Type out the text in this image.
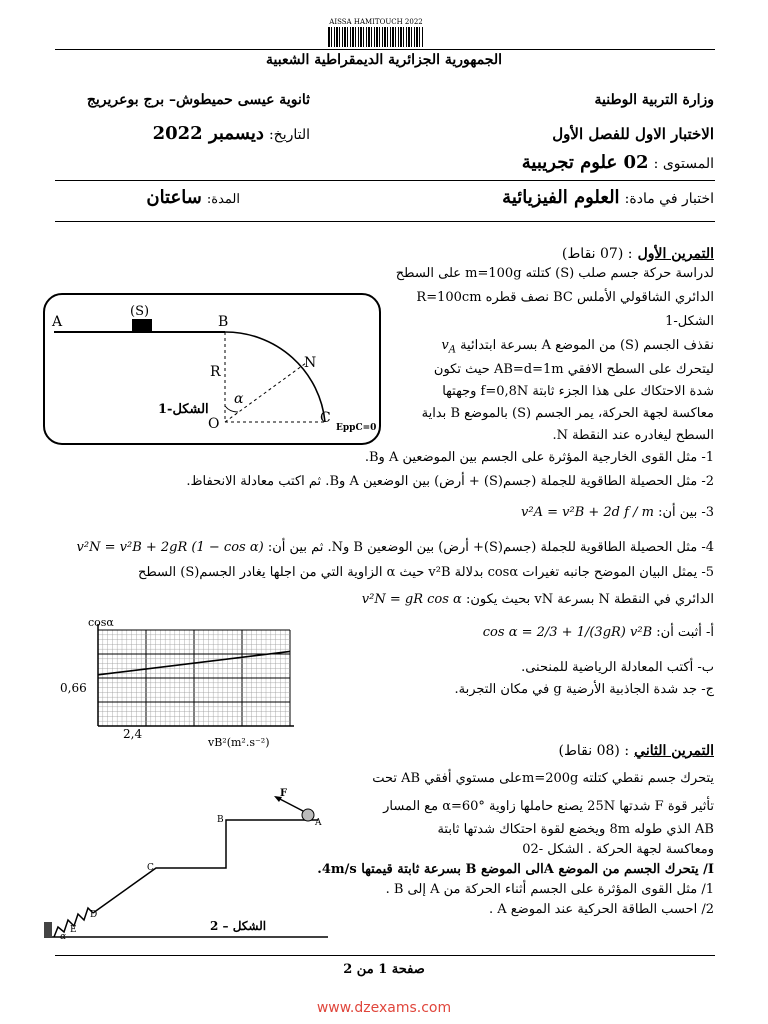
AISSA HAMITOUCH 2022
الجمهورية الجزائرية الديمقراطية الشعبية
وزارة التربية الوطنية
ثانوية عيسى حميطوش– برج بوعريريج
الاختبار الاول للفصل الأول
التاريخ: ديسمبر 2022
المستوى : 02 علوم تجريبية
اختبار في مادة: العلوم الفيزيائية
المدة: ساعتان
التمرين الأول : (07 نقاط)
لدراسة حركة جسم صلب (S) كتلته m=100g على السطح
الدائري الشاقولي الأملس BC نصف قطره R=100cm
الشكل-1
نقذف الجسم (S) من الموضع A بسرعة ابتدائية $v_A$
ليتحرك على السطح الافقي AB=d=1m حيث تكون
شدة الاحتكاك على هذا الجزء ثابتة f=0,8N وجهتها
معاكسة لجهة الحركة، يمر الجسم (S) بالموضع B بداية
السطح ليغادره عند النقطة N.
A
(S)
B
R
N
α
O	C
EppC=0
الشكل-1
1- مثل القوى الخارجية المؤثرة على الجسم بين الموضعين A وB.
2- مثل الحصيلة الطاقوية للجملة (جسم(S) + أرض) بين الوضعين A وB. ثم اكتب معادلة الانحفاظ.
3- بين أن: v²A = v²B + 2d f / m
4- مثل الحصيلة الطاقوية للجملة (جسم(S)+ أرض) بين الوضعين B وN. ثم بين أن: v²N = v²B + 2gR (1 − cos α)
5- يمثل البيان الموضح جانبه تغيرات cosα بدلالة v²B حيث α الزاوية التي من اجلها يغادر الجسم(S) السطح
الدائري في النقطة N بسرعة vN بحيث يكون: v²N = gR cos α
أ- أثبت أن: cos α = 2/3 + 1/(3gR) v²B
ب- أكتب المعادلة الرياضية للمنحنى.
ج- جد شدة الجاذبية الأرضية g في مكان التجربة.
cosα
0,66
2,4
vB²(m².s⁻²)
التمرين الثاني : (08 نقاط)
يتحرك جسم نقطي كتلته m=200gعلى مستوي أفقي AB تحت
تأثير قوة F شدتها 25N يصنع حاملها زاوية α=60° مع المسار
AB الذي طوله 8m ويخضع لقوة احتكاك شدتها ثابتة
ومعاكسة لجهة الحركة . الشكل -02
I/ يتحرك الجسم من الموضع Aالى الموضع B بسرعة ثابتة قيمتها 4m/s.
1/ مثل القوى المؤثرة على الجسم أثناء الحركة من A إلى B .
2/ احسب الطاقة الحركية عند الموضع A .
F
A
B
C
D
E
α
الشكل – 2
صفحة 1 من 2
www.dzexams.com
